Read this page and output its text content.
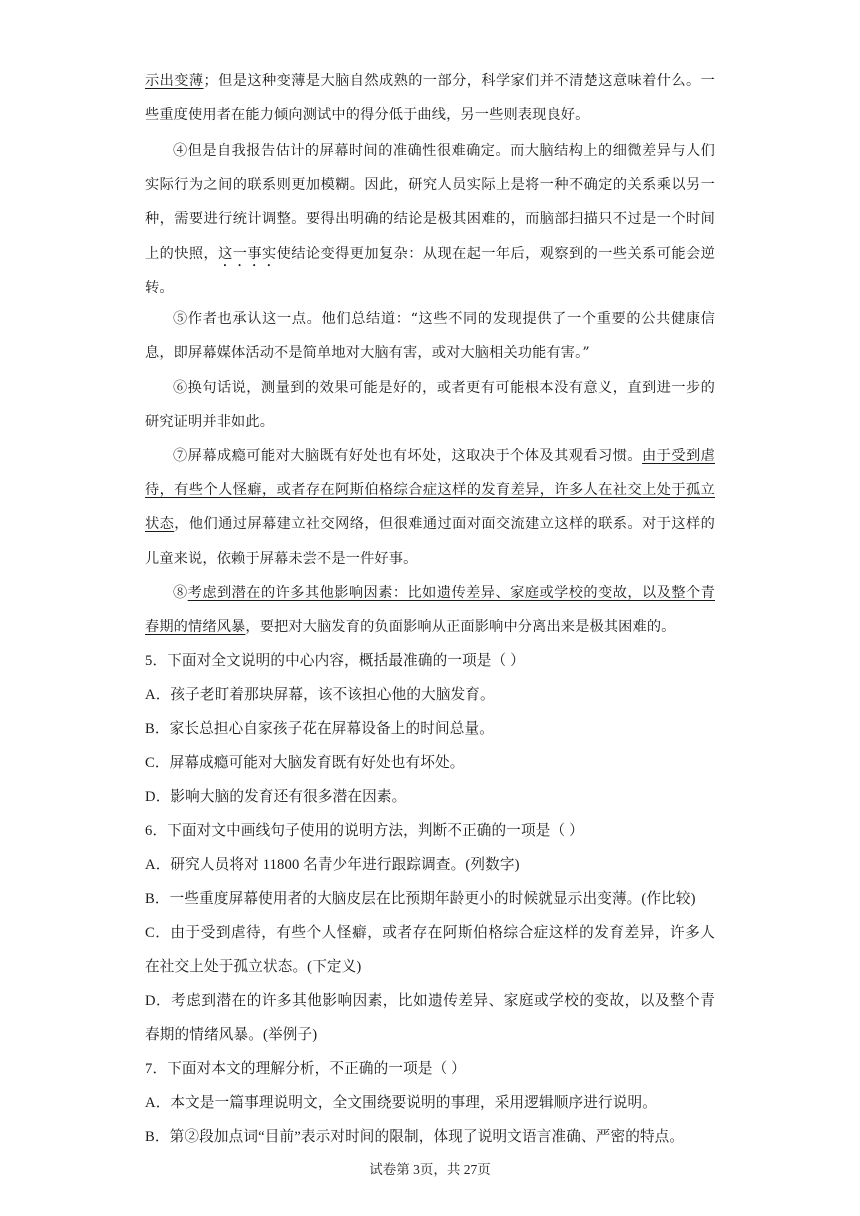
示出变薄；但是这种变薄是大脑自然成熟的一部分，科学家们并不清楚这意味着什么。一些重度使用者在能力倾向测试中的得分低于曲线，另一些则表现良好。

④但是自我报告估计的屏幕时间的准确性很难确定。而大脑结构上的细微差异与人们实际行为之间的联系则更加模糊。因此，研究人员实际上是将一种不确定的关系乘以另一种，需要进行统计调整。要得出明确的结论是极其困难的，而脑部扫描只不过是一个时间上的快照，这一事实使结论变得更加复杂：从现在起一年后，观察到的一些关系可能会逆转。

⑤作者也承认这一点。他们总结道：“这些不同的发现提供了一个重要的公共健康信息，即屏幕媒体活动不是简单地对大脑有害，或对大脑相关功能有害。”

⑥换句话说，测量到的效果可能是好的，或者更有可能根本没有意义，直到进一步的研究证明并非如此。

⑦屏幕成瘾可能对大脑既有好处也有坏处，这取决于个体及其观看习惯。由于受到虐待，有些个人怪癖，或者存在阿斯伯格综合症这样的发育差异，许多人在社交上处于孤立状态，他们通过屏幕建立社交网络，但很难通过面对面交流建立这样的联系。对于这样的儿童来说，依赖于屏幕未尝不是一件好事。

⑧考虑到潜在的许多其他影响因素：比如遗传差异、家庭或学校的变故，以及整个青春期的情绪风暴，要把对大脑发育的负面影响从正面影响中分离出来是极其困难的。

5．下面对全文说明的中心内容，概括最准确的一项是（ ）

A．孩子老盯着那块屏幕，该不该担心他的大脑发育。

B．家长总担心自家孩子花在屏幕设备上的时间总量。

C．屏幕成瘾可能对大脑发育既有好处也有坏处。

D．影响大脑的发育还有很多潜在因素。

6．下面对文中画线句子使用的说明方法，判断不正确的一项是（ ）

A．研究人员将对 11800 名青少年进行跟踪调查。(列数字)

B．一些重度屏幕使用者的大脑皮层在比预期年龄更小的时候就显示出变薄。(作比较)

C．由于受到虐待，有些个人怪癖，或者存在阿斯伯格综合症这样的发育差异，许多人在社交上处于孤立状态。(下定义)

D．考虑到潜在的许多其他影响因素，比如遗传差异、家庭或学校的变故，以及整个青春期的情绪风暴。(举例子)

7．下面对本文的理解分析，不正确的一项是（ ）

A．本文是一篇事理说明文，全文围绕要说明的事理，采用逻辑顺序进行说明。

B．第②段加点词“目前”表示对时间的限制，体现了说明文语言准确、严密的特点。

试卷第 3页，共 27页
